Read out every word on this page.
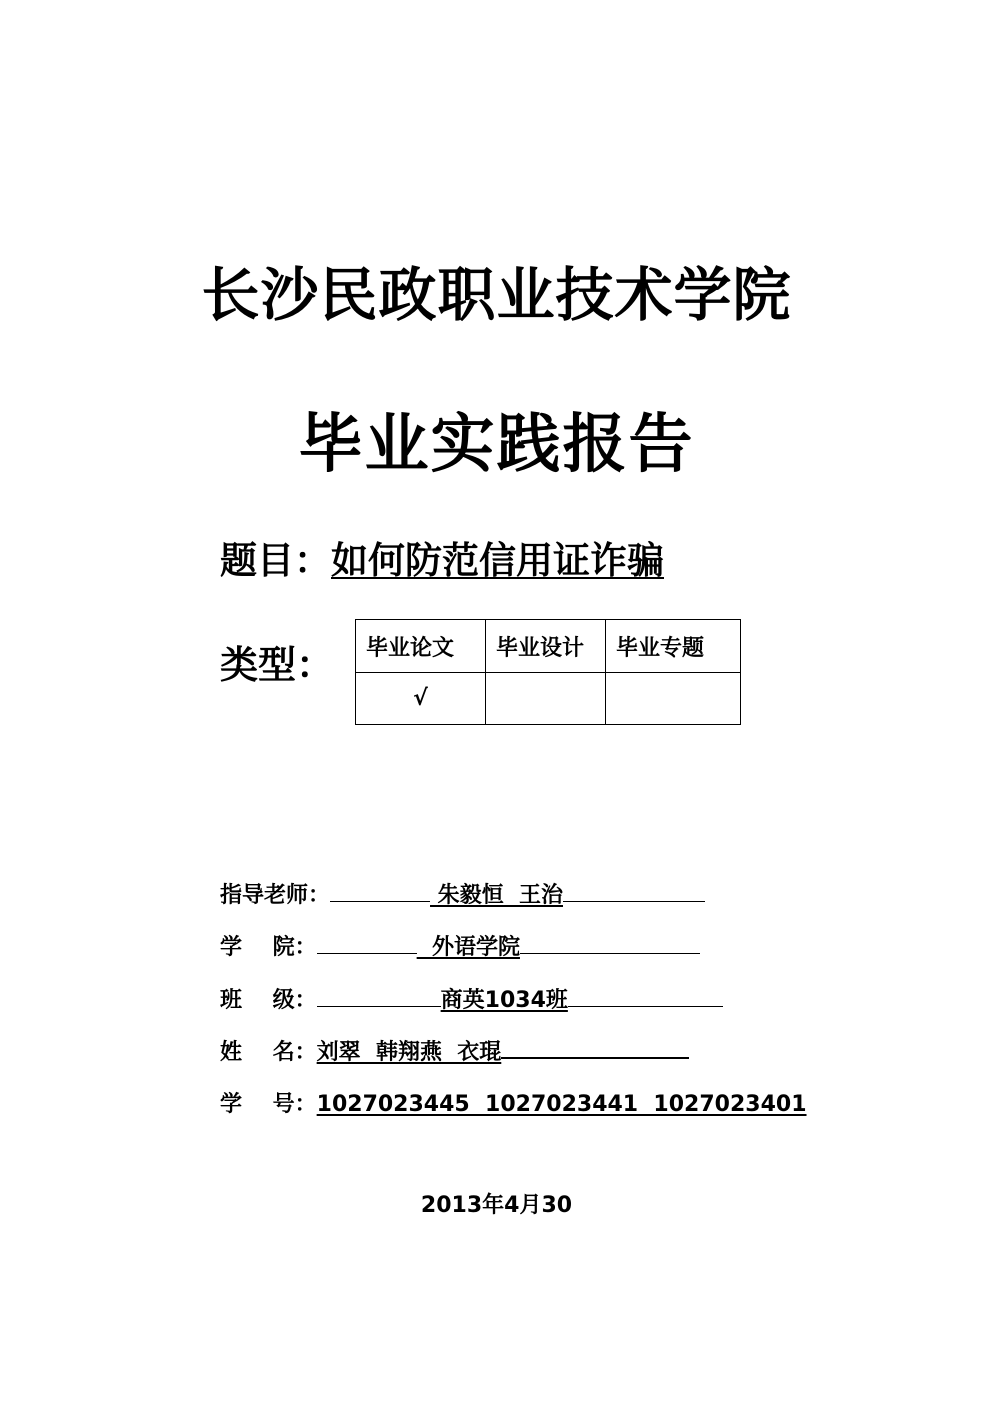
长沙民政职业技术学院
毕业实践报告
题目：如何防范信用证诈骗
类型： 毕业论文	毕业设计	毕业专题
√		
指导老师：	朱毅恒  王治
学    院：	外语学院
班    级：	商英1034班
姓    名：刘翠  韩翔燕  衣琨
学    号：1027023445  1027023441  1027023401
2013年4月30
